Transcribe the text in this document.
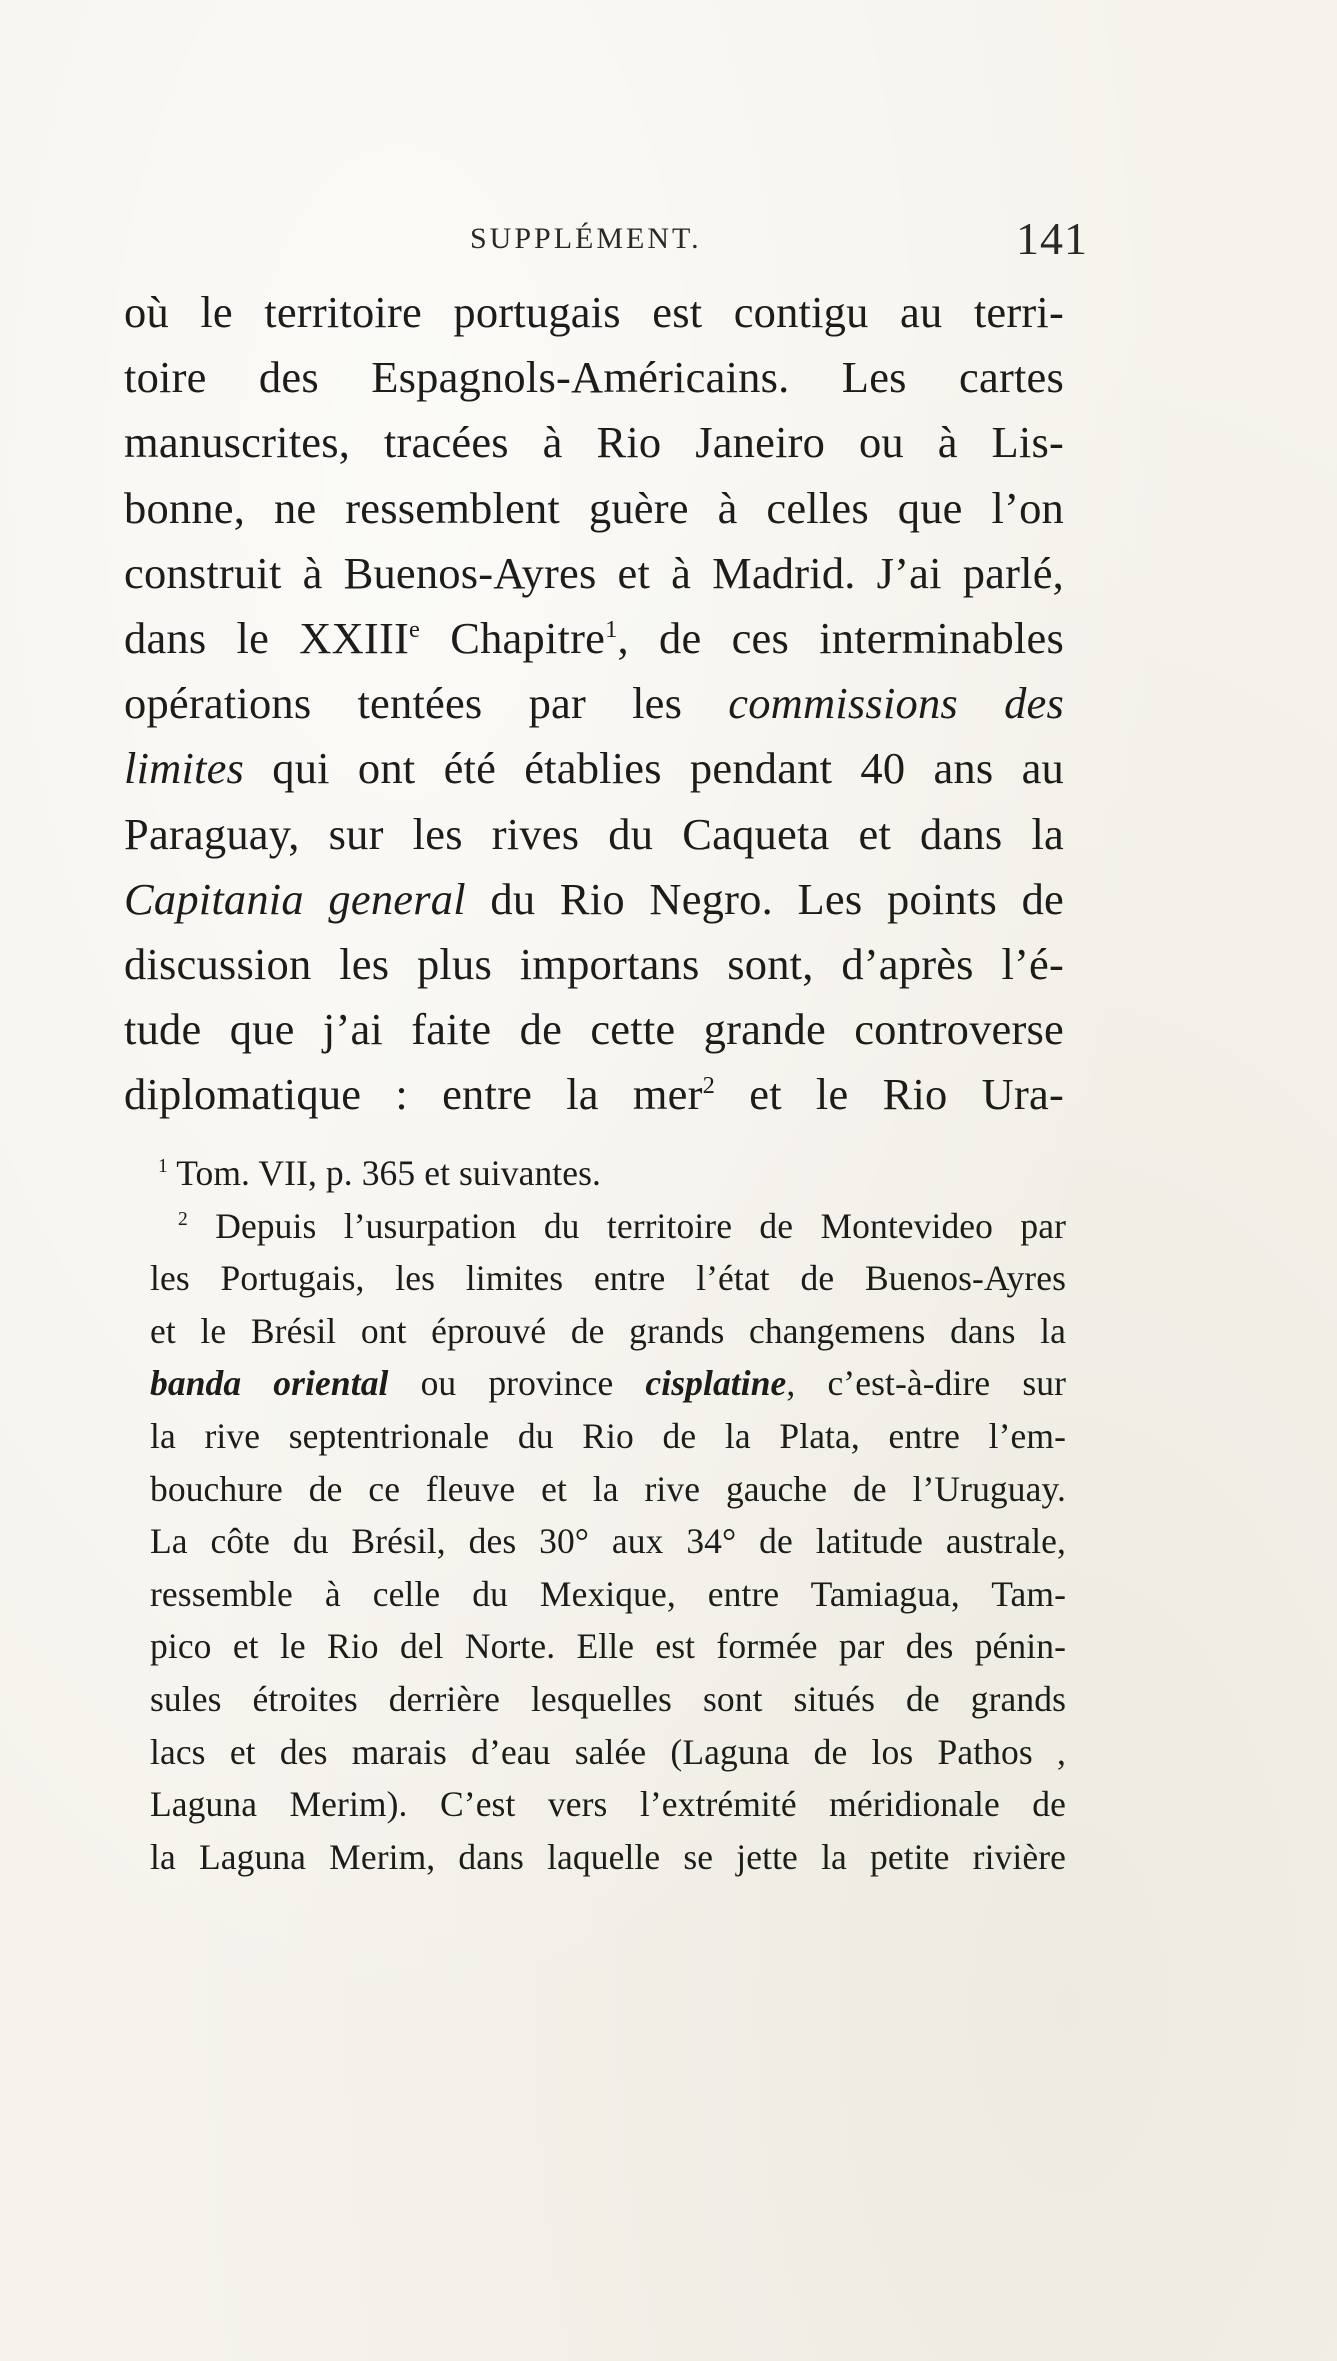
SUPPLÉMENT.	141
où le territoire portugais est contigu au terri-
toire des Espagnols-Américains. Les cartes
manuscrites, tracées à Rio Janeiro ou à Lis-
bonne, ne ressemblent guère à celles que l’on
construit à Buenos-Ayres et à Madrid. J’ai parlé,
dans le XXIIIe Chapitre$^1$, de ces interminables
opérations tentées par les commissions des
limites qui ont été établies pendant 40 ans au
Paraguay, sur les rives du Caqueta et dans la
Capitania general du Rio Negro. Les points de
discussion les plus importans sont, d’après l’é-
tude que j’ai faite de cette grande controverse
diplomatique : entre la mer$^2$ et le Rio Ura-
$^1$ Tom. VII, p. 365 et suivantes.
$^2$ Depuis l’usurpation du territoire de Montevideo par
les Portugais, les limites entre l’état de Buenos-Ayres
et le Brésil ont éprouvé de grands changemens dans la
banda oriental ou province cisplatine, c’est-à-dire sur
la rive septentrionale du Rio de la Plata, entre l’em-
bouchure de ce fleuve et la rive gauche de l’Uruguay.
La côte du Brésil, des 30° aux 34° de latitude australe,
ressemble à celle du Mexique, entre Tamiagua, Tam-
pico et le Rio del Norte. Elle est formée par des pénin-
sules étroites derrière lesquelles sont situés de grands
lacs et des marais d’eau salée (Laguna de los Pathos ,
Laguna Merim). C’est vers l’extrémité méridionale de
la Laguna Merim, dans laquelle se jette la petite rivière
